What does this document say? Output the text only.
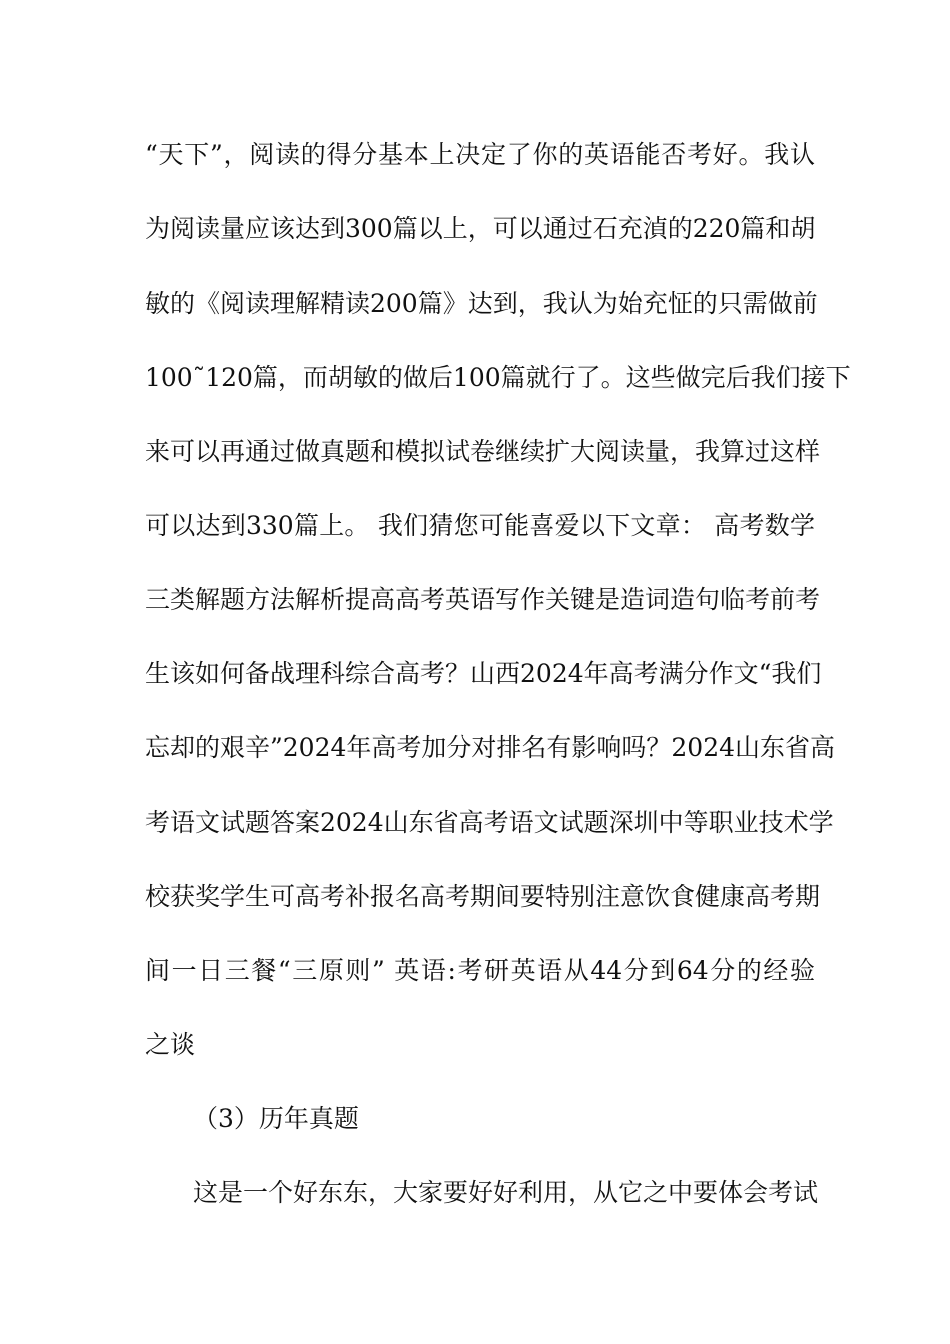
“天下”，阅读的得分基本上决定了你的英语能否考好。我认
为阅读量应该达到300篇以上，可以通过石充湞的220篇和胡
敏的《阅读理解精读200篇》达到，我认为始充怔的只需做前
100˜120篇，而胡敏的做后100篇就行了。这些做完后我们接下
来可以再通过做真题和模拟试卷继续扩大阅读量，我算过这样
可以达到330篇上。 我们猜您可能喜爱以下文章： 高考数学
三类解题方法解析提高高考英语写作关键是造词造句临考前考
生该如何备战理科综合高考？山西2024年高考满分作文“我们
忘却的艰辛”2024年高考加分对排名有影响吗？2024山东省高
考语文试题答案2024山东省高考语文试题深圳中等职业技术学
校获奖学生可高考补报名高考期间要特别注意饮食健康高考期
间一日三餐“三原则” 英语:考研英语从44分到64分的经验
之谈
（3）历年真题
这是一个好东东，大家要好好利用，从它之中要体会考试
